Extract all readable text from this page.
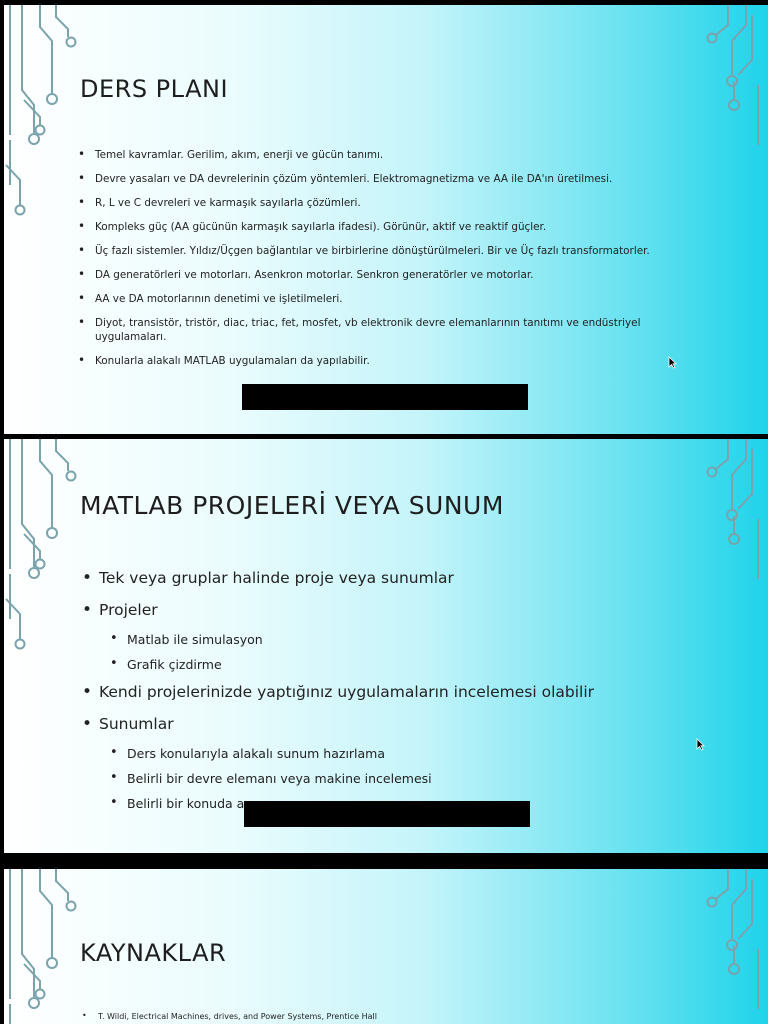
DERS PLANI
• Temel kavramlar. Gerilim, akım, enerji ve gücün tanımı.
• Devre yasaları ve DA devrelerinin çözüm yöntemleri. Elektromagnetizma ve AA ile DA'ın üretilmesi.
• R, L ve C devreleri ve karmaşık sayılarla çözümleri.
• Kompleks güç (AA gücünün karmaşık sayılarla ifadesi). Görünür, aktif ve reaktif güçler.
• Üç fazlı sistemler. Yıldız/Üçgen bağlantılar ve birbirlerine dönüştürülmeleri. Bir ve Üç fazlı transformatorler.
• DA generatörleri ve motorları. Asenkron motorlar. Senkron generatörler ve motorlar.
• AA ve DA motorlarının denetimi ve işletilmeleri.
• Diyot, transistör, tristör, diac, triac, fet, mosfet, vb elektronik devre elemanlarının tanıtımı ve endüstriyel uygulamaları.
• Konularla alakalı MATLAB uygulamaları da yapılabilir.
MATLAB PROJELERİ VEYA SUNUM
• Tek veya gruplar halinde proje veya sunumlar
• Projeler
• Matlab ile simulasyon
• Grafik çizdirme
• Kendi projelerinizde yaptığınız uygulamaların incelemesi olabilir
• Sunumlar
• Ders konularıyla alakalı sunum hazırlama
• Belirli bir devre elemanı veya makine incelemesi
• Belirli bir konuda a
KAYNAKLAR
• T. Wildi, Electrical Machines, drives, and Power Systems, Prentice Hall
